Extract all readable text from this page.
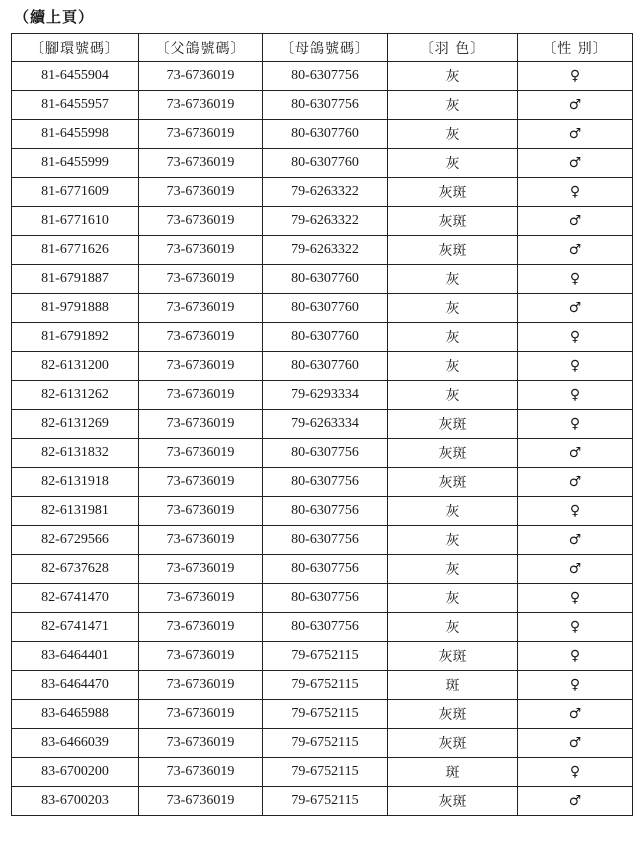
（續上頁）
〔腳環號碼〕	〔父鴿號碼〕	〔母鴿號碼〕	〔羽 色〕	〔性 別〕
81-6455904	73-6736019	80-6307756	灰	♀
81-6455957	73-6736019	80-6307756	灰	♂
81-6455998	73-6736019	80-6307760	灰	♂
81-6455999	73-6736019	80-6307760	灰	♂
81-6771609	73-6736019	79-6263322	灰斑	♀
81-6771610	73-6736019	79-6263322	灰斑	♂
81-6771626	73-6736019	79-6263322	灰斑	♂
81-6791887	73-6736019	80-6307760	灰	♀
81-9791888	73-6736019	80-6307760	灰	♂
81-6791892	73-6736019	80-6307760	灰	♀
82-6131200	73-6736019	80-6307760	灰	♀
82-6131262	73-6736019	79-6293334	灰	♀
82-6131269	73-6736019	79-6263334	灰斑	♀
82-6131832	73-6736019	80-6307756	灰斑	♂
82-6131918	73-6736019	80-6307756	灰斑	♂
82-6131981	73-6736019	80-6307756	灰	♀
82-6729566	73-6736019	80-6307756	灰	♂
82-6737628	73-6736019	80-6307756	灰	♂
82-6741470	73-6736019	80-6307756	灰	♀
82-6741471	73-6736019	80-6307756	灰	♀
83-6464401	73-6736019	79-6752115	灰斑	♀
83-6464470	73-6736019	79-6752115	斑	♀
83-6465988	73-6736019	79-6752115	灰斑	♂
83-6466039	73-6736019	79-6752115	灰斑	♂
83-6700200	73-6736019	79-6752115	斑	♀
83-6700203	73-6736019	79-6752115	灰斑	♂
